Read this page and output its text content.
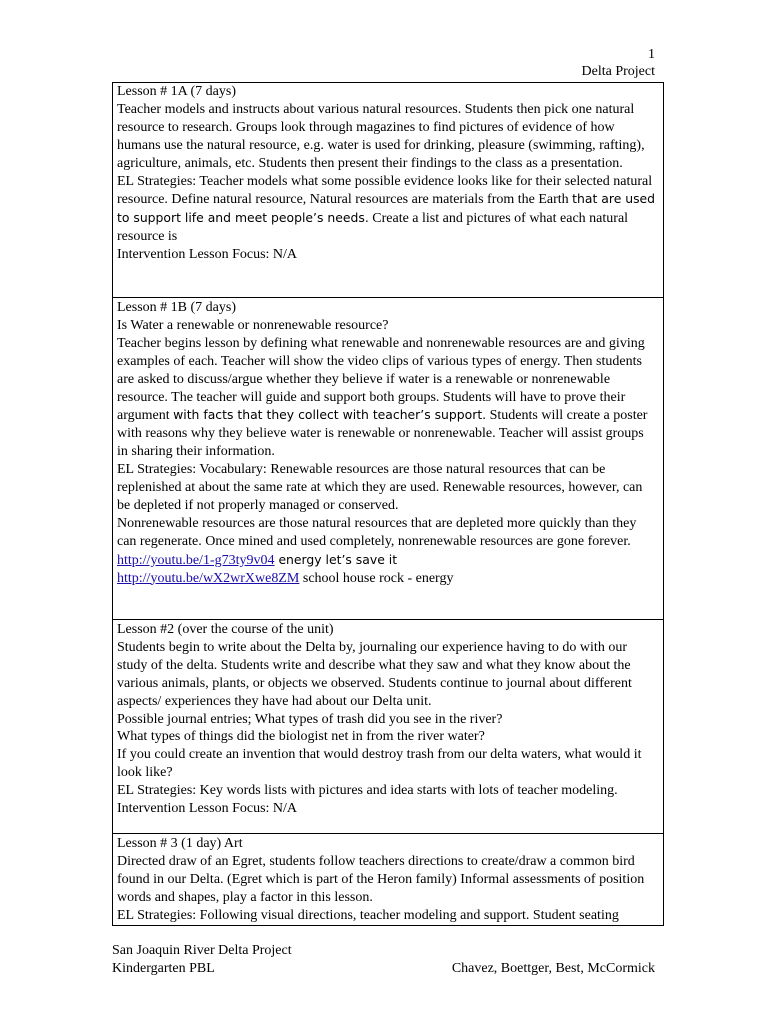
1
Delta Project

Lesson # 1A (7 days)

Teacher models and instructs about various natural resources. Students then pick one natural resource to research. Groups look through magazines to find pictures of evidence of how humans use the natural resource, e.g. water is used for drinking, pleasure (swimming, rafting), agriculture, animals, etc. Students then present their findings to the class as a presentation.

EL Strategies: Teacher models what some possible evidence looks like for their selected natural resource. Define natural resource, Natural resources are materials from the Earth that are used to support life and meet people’s needs. Create a list and pictures of what each natural resource is

Intervention Lesson Focus: N/A

Lesson # 1B (7 days)

Is Water a renewable or nonrenewable resource?

Teacher begins lesson by defining what renewable and nonrenewable resources are and giving examples of each. Teacher will show the video clips of various types of energy. Then students are asked to discuss/argue whether they believe if water is a renewable or nonrenewable resource. The teacher will guide and support both groups. Students will have to prove their argument with facts that they collect with teacher’s support. Students will create a poster with reasons why they believe water is renewable or nonrenewable. Teacher will assist groups in sharing their information.

EL Strategies: Vocabulary: Renewable resources are those natural resources that can be replenished at about the same rate at which they are used. Renewable resources, however, can be depleted if not properly managed or conserved.

Nonrenewable resources are those natural resources that are depleted more quickly than they can regenerate. Once mined and used completely, nonrenewable resources are gone forever.

http://youtu.be/1-g73ty9v04 energy let’s save it

http://youtu.be/wX2wrXwe8ZM school house rock - energy

Lesson #2 (over the course of the unit)

Students begin to write about the Delta by, journaling our experience having to do with our study of the delta. Students write and describe what they saw and what they know about the various animals, plants, or objects we observed. Students continue to journal about different aspects/ experiences they have had about our Delta unit.

Possible journal entries; What types of trash did you see in the river?

What types of things did the biologist net in from the river water?

If you could create an invention that would destroy trash from our delta waters, what would it look like?

EL Strategies: Key words lists with pictures and idea starts with lots of teacher modeling.

Intervention Lesson Focus: N/A

Lesson # 3 (1 day) Art

Directed draw of an Egret, students follow teachers directions to create/draw a common bird found in our Delta. (Egret which is part of the Heron family) Informal assessments of position words and shapes, play a factor in this lesson.

EL Strategies: Following visual directions, teacher modeling and support. Student seating

San Joaquin River Delta Project
Kindergarten PBL	Chavez, Boettger, Best, McCormick
